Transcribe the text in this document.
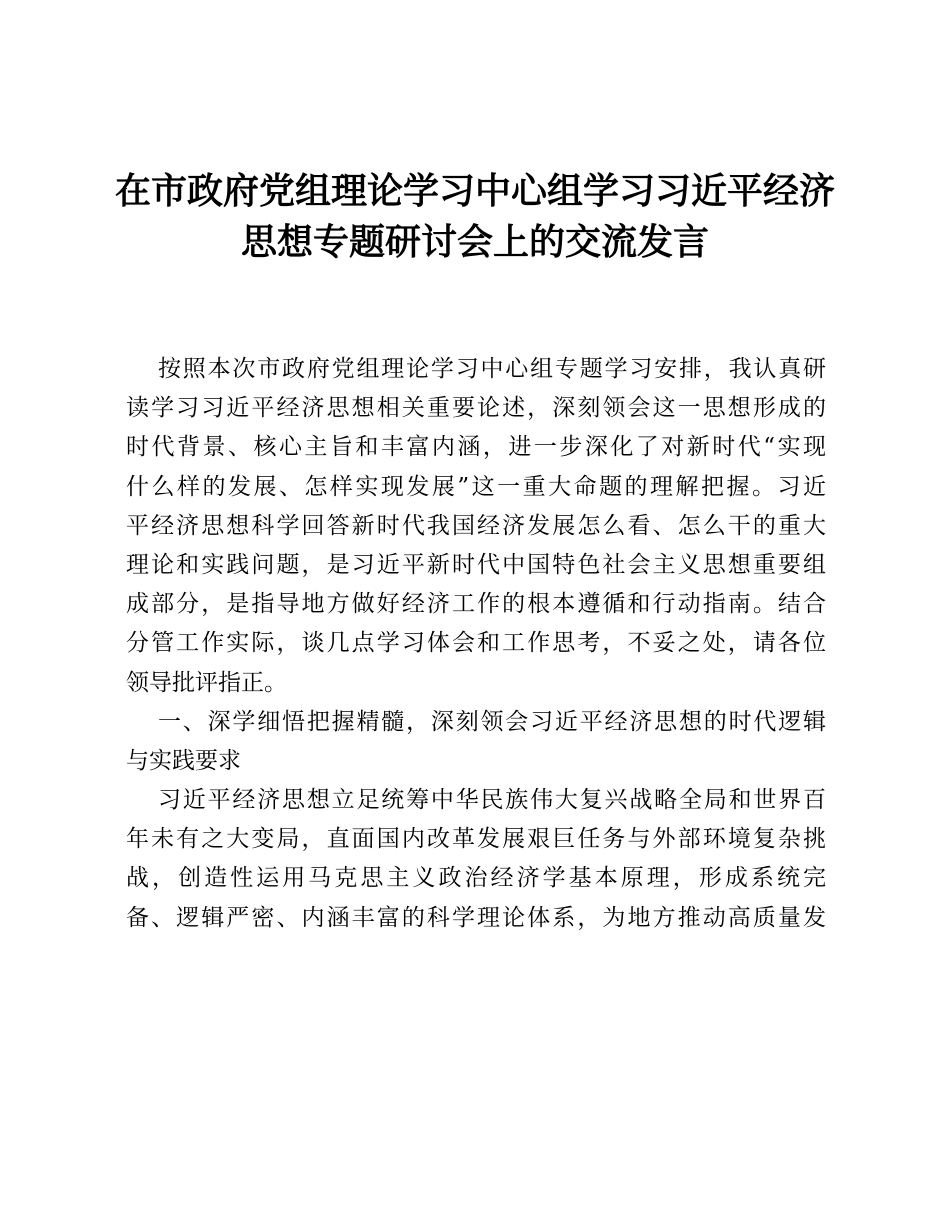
在市政府党组理论学习中心组学习习近平经济
思想专题研讨会上的交流发言
按照本次市政府党组理论学习中心组专题学习安排，我认真研
读学习习近平经济思想相关重要论述，深刻领会这一思想形成的
时代背景、核心主旨和丰富内涵，进一步深化了对新时代“实现
什么样的发展、怎样实现发展”这一重大命题的理解把握。习近
平经济思想科学回答新时代我国经济发展怎么看、怎么干的重大
理论和实践问题，是习近平新时代中国特色社会主义思想重要组
成部分，是指导地方做好经济工作的根本遵循和行动指南。结合
分管工作实际，谈几点学习体会和工作思考，不妥之处，请各位
领导批评指正。
一、深学细悟把握精髓，深刻领会习近平经济思想的时代逻辑
与实践要求
习近平经济思想立足统筹中华民族伟大复兴战略全局和世界百
年未有之大变局，直面国内改革发展艰巨任务与外部环境复杂挑
战，创造性运用马克思主义政治经济学基本原理，形成系统完
备、逻辑严密、内涵丰富的科学理论体系，为地方推动高质量发
